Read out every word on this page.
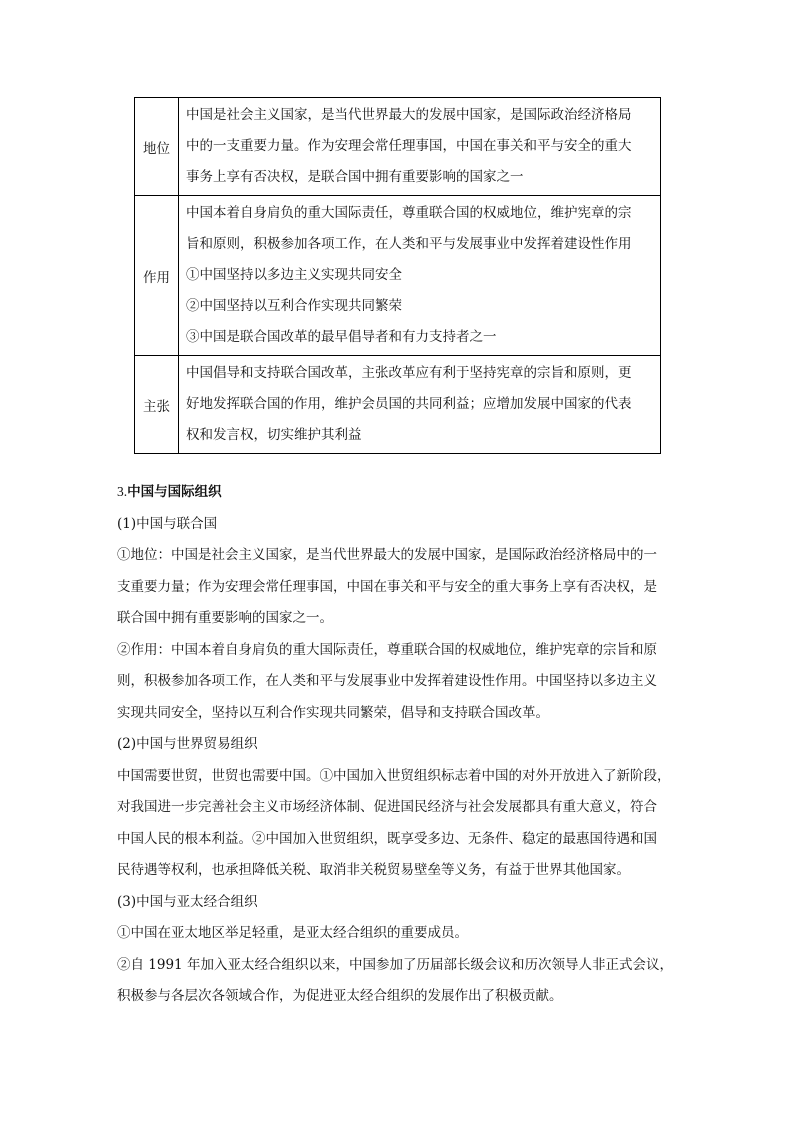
地位	中国是社会主义国家，是当代世界最大的发展中国家，是国际政治经济格局
中的一支重要力量。作为安理会常任理事国，中国在事关和平与安全的重大
事务上享有否决权，是联合国中拥有重要影响的国家之一

作用	中国本着自身肩负的重大国际责任，尊重联合国的权威地位，维护宪章的宗
旨和原则，积极参加各项工作，在人类和平与发展事业中发挥着建设性作用
①中国坚持以多边主义实现共同安全
②中国坚持以互利合作实现共同繁荣
③中国是联合国改革的最早倡导者和有力支持者之一

主张	中国倡导和支持联合国改革，主张改革应有利于坚持宪章的宗旨和原则，更
好地发挥联合国的作用，维护会员国的共同利益；应增加发展中国家的代表
权和发言权，切实维护其利益
3.中国与国际组织
(1)中国与联合国
①地位：中国是社会主义国家，是当代世界最大的发展中国家，是国际政治经济格局中的一
支重要力量；作为安理会常任理事国，中国在事关和平与安全的重大事务上享有否决权，是
联合国中拥有重要影响的国家之一。
②作用：中国本着自身肩负的重大国际责任，尊重联合国的权威地位，维护宪章的宗旨和原
则，积极参加各项工作，在人类和平与发展事业中发挥着建设性作用。中国坚持以多边主义
实现共同安全，坚持以互利合作实现共同繁荣，倡导和支持联合国改革。
(2)中国与世界贸易组织
中国需要世贸，世贸也需要中国。①中国加入世贸组织标志着中国的对外开放进入了新阶段，
对我国进一步完善社会主义市场经济体制、促进国民经济与社会发展都具有重大意义，符合
中国人民的根本利益。②中国加入世贸组织，既享受多边、无条件、稳定的最惠国待遇和国
民待遇等权利，也承担降低关税、取消非关税贸易壁垒等义务，有益于世界其他国家。
(3)中国与亚太经合组织
①中国在亚太地区举足轻重，是亚太经合组织的重要成员。
②自 1991 年加入亚太经合组织以来，中国参加了历届部长级会议和历次领导人非正式会议，
积极参与各层次各领域合作，为促进亚太经合组织的发展作出了积极贡献。
